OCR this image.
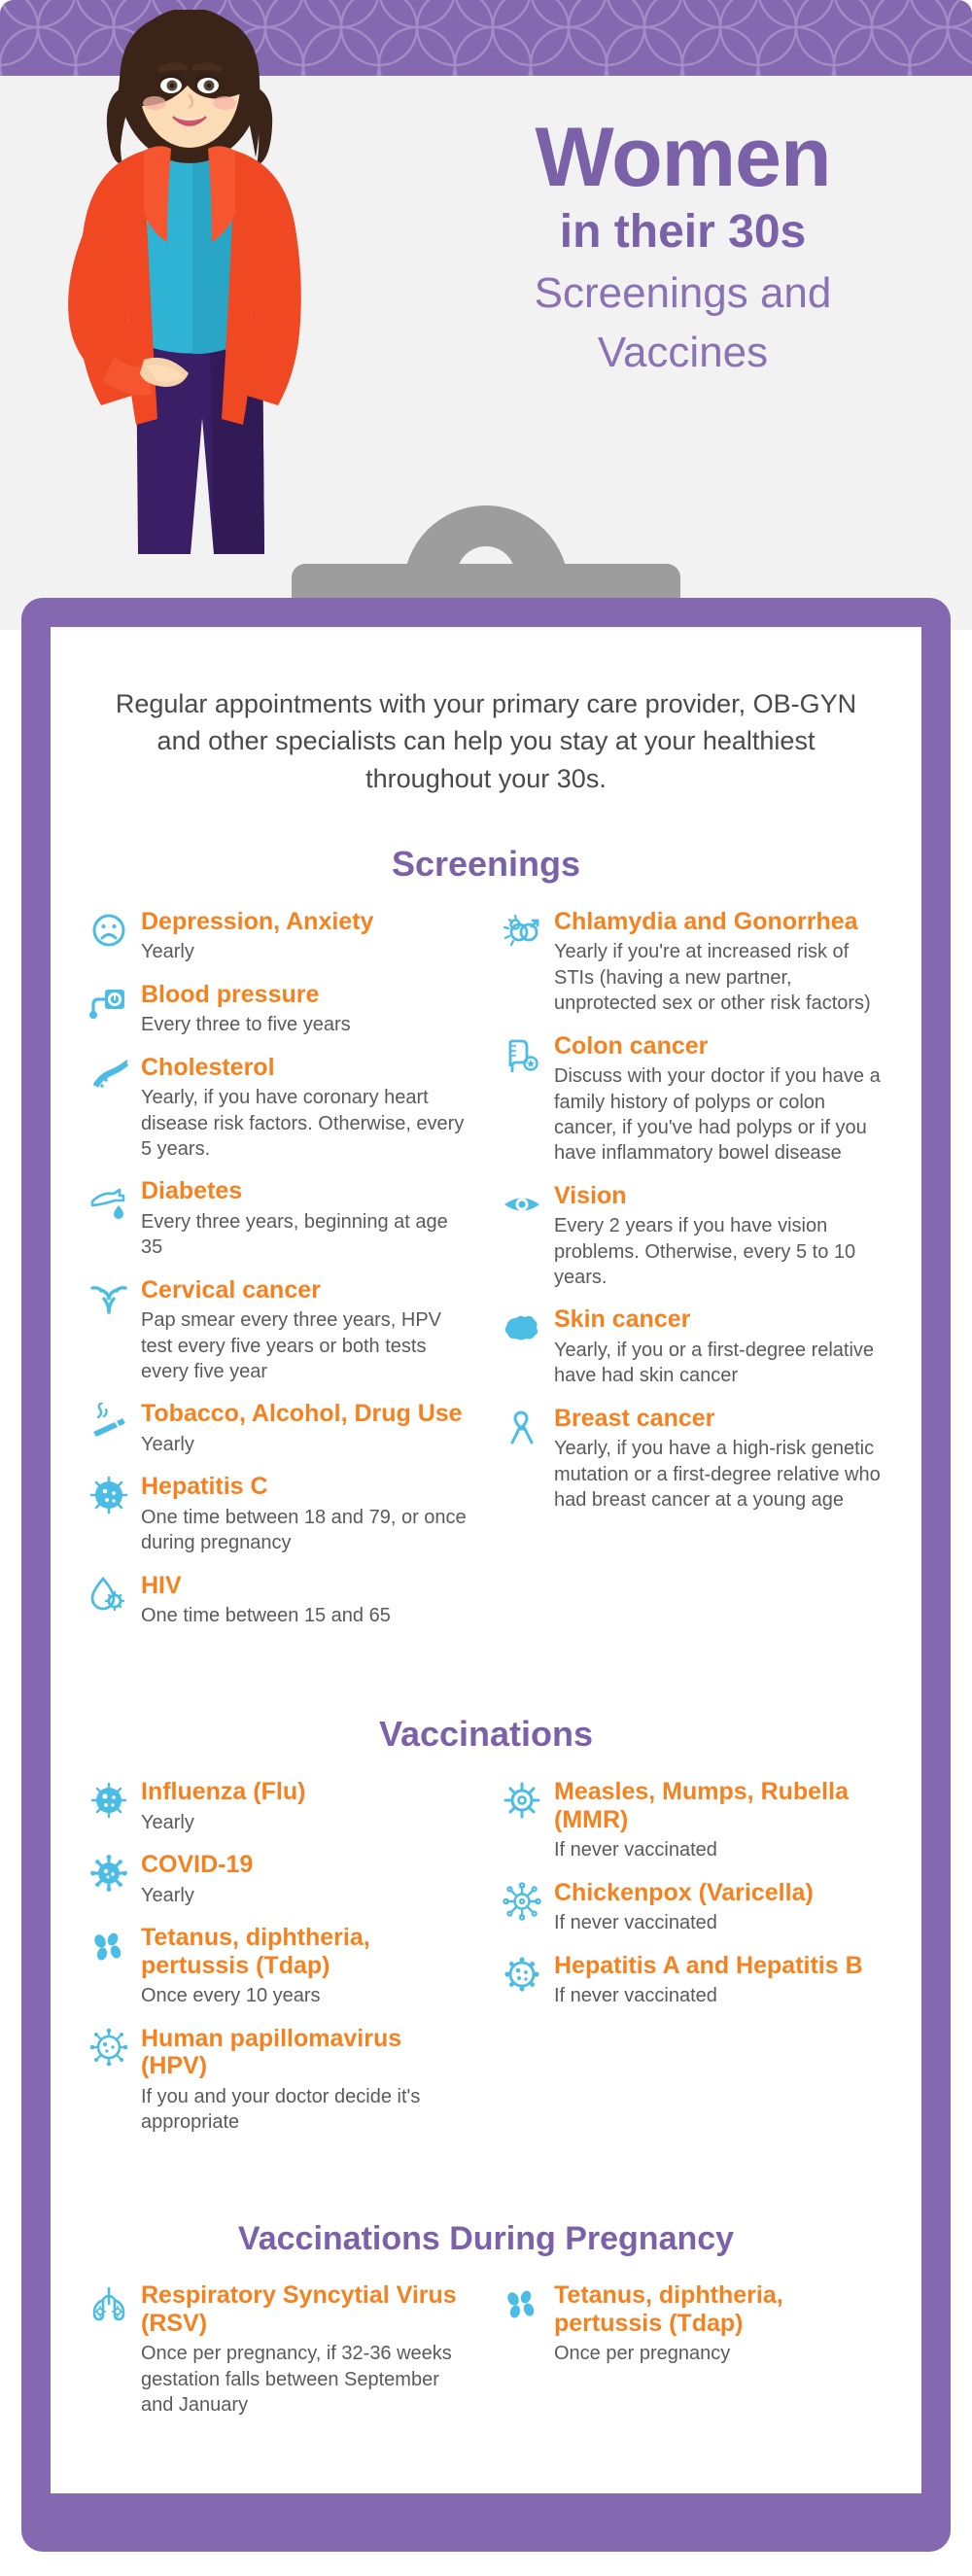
Women
in their 30s
Screenings and
Vaccines
Regular appointments with your primary care provider, OB-GYN and other specialists can help you stay at your healthiest throughout your 30s.
Screenings
Depression, Anxiety
Yearly
Blood pressure
Every three to five years
Cholesterol
Yearly, if you have coronary heart disease risk factors. Otherwise, every 5 years.
Diabetes
Every three years, beginning at age 35
Cervical cancer
Pap smear every three years, HPV test every five years or both tests every five year
Tobacco, Alcohol, Drug Use
Yearly
Hepatitis C
One time between 18 and 79, or once during pregnancy
HIV
One time between 15 and 65
Chlamydia and Gonorrhea
Yearly if you're at increased risk of STIs (having a new partner, unprotected sex or other risk factors)
Colon cancer
Discuss with your doctor if you have a family history of polyps or colon cancer, if you've had polyps or if you have inflammatory bowel disease
Vision
Every 2 years if you have vision problems. Otherwise, every 5 to 10 years.
Skin cancer
Yearly, if you or a first-degree relative have had skin cancer
Breast cancer
Yearly, if you have a high-risk genetic mutation or a first-degree relative who had breast cancer at a young age
Vaccinations
Influenza (Flu)
Yearly
COVID-19
Yearly
Tetanus, diphtheria, pertussis (Tdap)
Once every 10 years
Human papillomavirus (HPV)
If you and your doctor decide it's appropriate
Measles, Mumps, Rubella (MMR)
If never vaccinated
Chickenpox (Varicella)
If never vaccinated
Hepatitis A and Hepatitis B
If never vaccinated
Vaccinations During Pregnancy
Respiratory Syncytial Virus (RSV)
Once per pregnancy, if 32-36 weeks gestation falls between September and January
Tetanus, diphtheria, pertussis (Tdap)
Once per pregnancy
